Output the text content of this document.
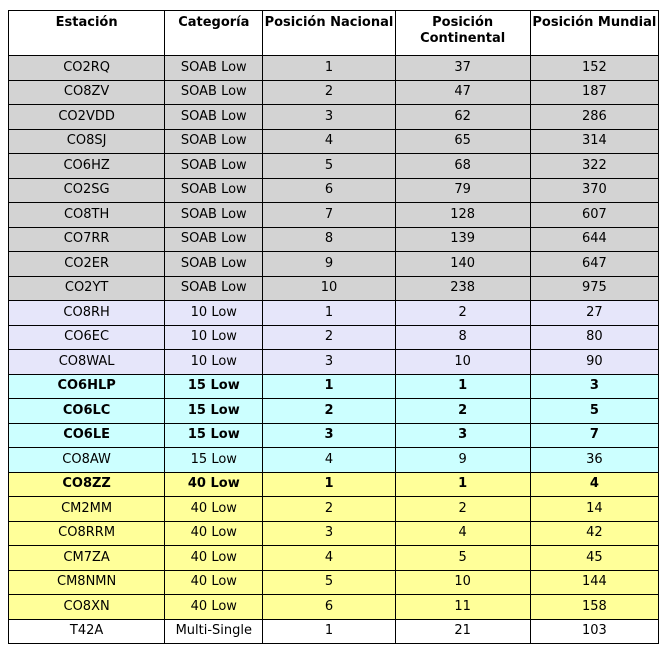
Estación	Categoría	Posición Nacional	Posición Continental	Posición Mundial
CO2RQ	SOAB Low	1	37	152
CO8ZV	SOAB Low	2	47	187
CO2VDD	SOAB Low	3	62	286
CO8SJ	SOAB Low	4	65	314
CO6HZ	SOAB Low	5	68	322
CO2SG	SOAB Low	6	79	370
CO8TH	SOAB Low	7	128	607
CO7RR	SOAB Low	8	139	644
CO2ER	SOAB Low	9	140	647
CO2YT	SOAB Low	10	238	975
CO8RH	10 Low	1	2	27
CO6EC	10 Low	2	8	80
CO8WAL	10 Low	3	10	90
CO6HLP	15 Low	1	1	3
CO6LC	15 Low	2	2	5
CO6LE	15 Low	3	3	7
CO8AW	15 Low	4	9	36
CO8ZZ	40 Low	1	1	4
CM2MM	40 Low	2	2	14
CO8RRM	40 Low	3	4	42
CM7ZA	40 Low	4	5	45
CM8NMN	40 Low	5	10	144
CO8XN	40 Low	6	11	158
T42A	Multi-Single	1	21	103
